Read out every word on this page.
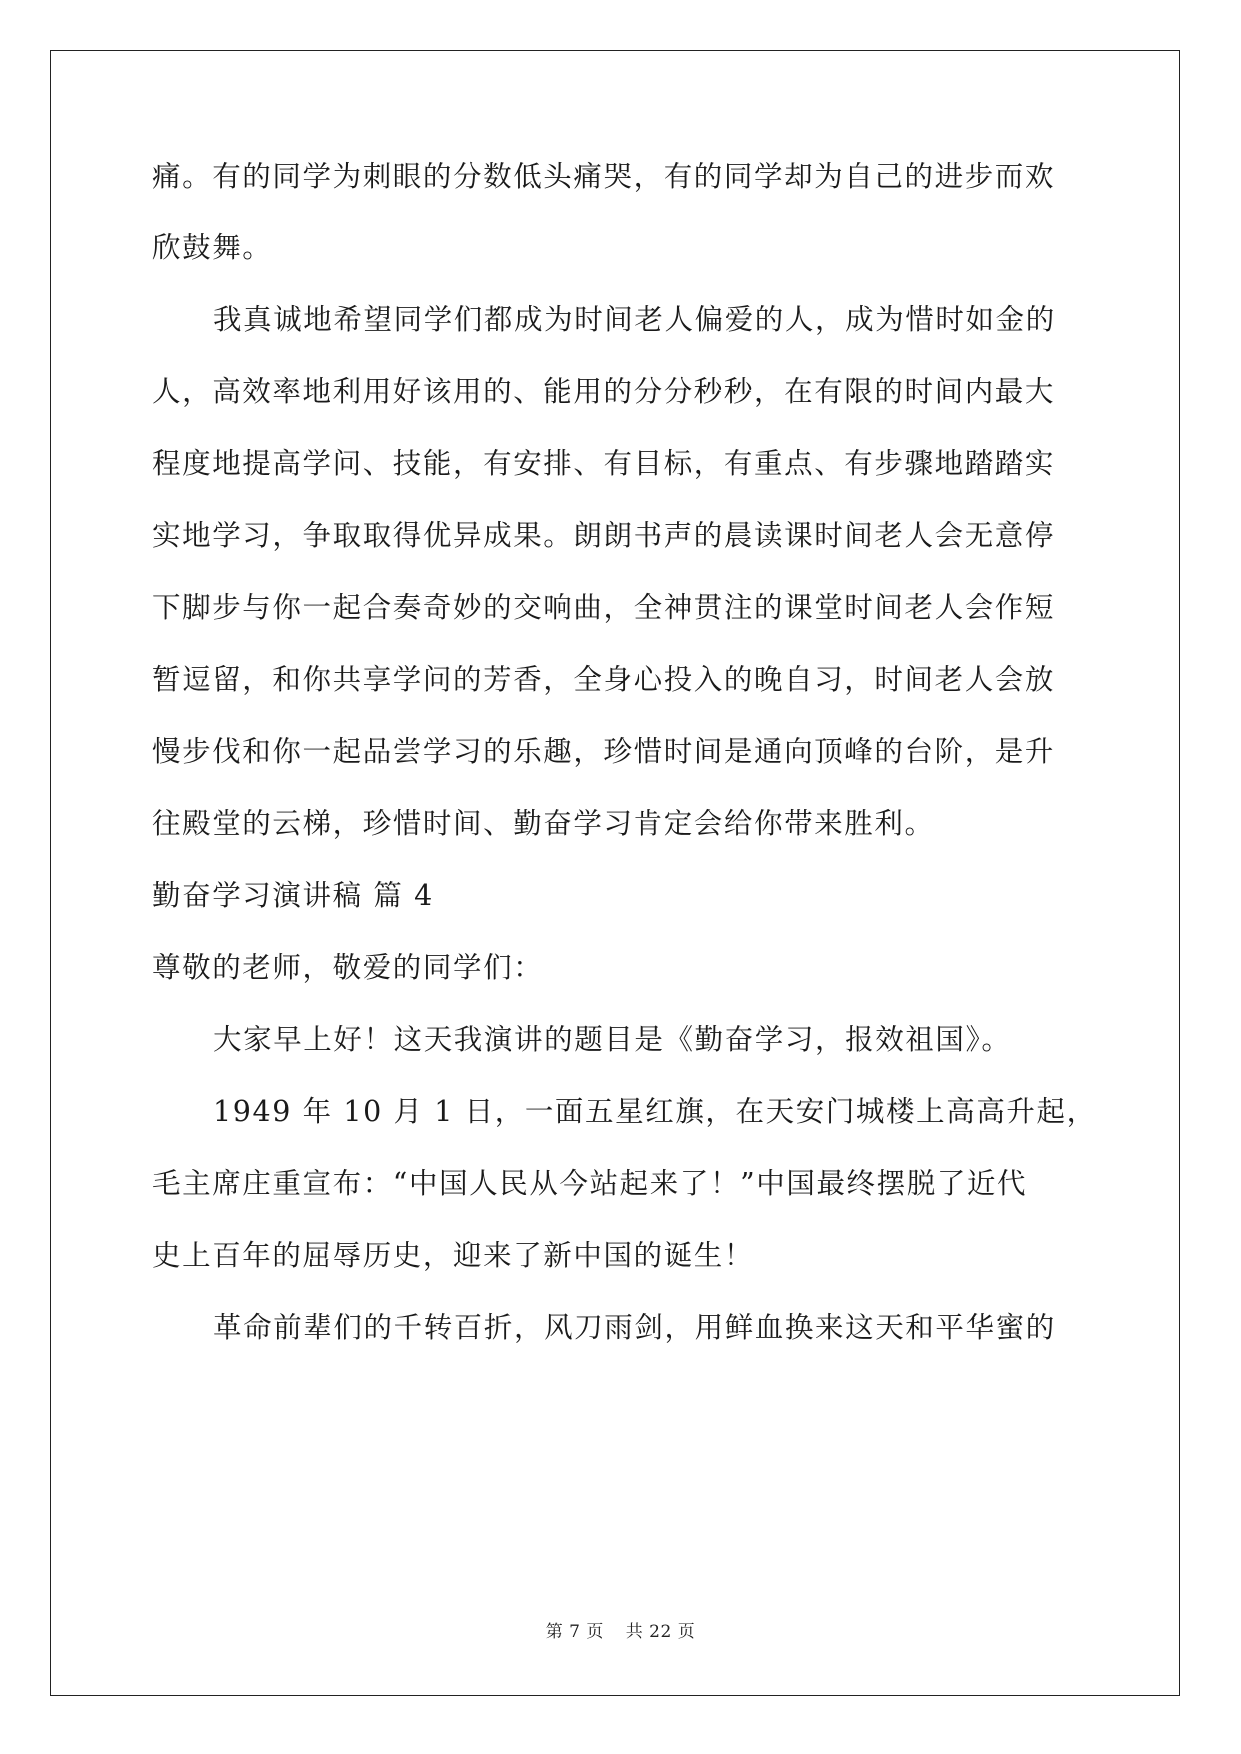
痛。有的同学为刺眼的分数低头痛哭，有的同学却为自己的进步而欢
欣鼓舞。
我真诚地希望同学们都成为时间老人偏爱的人，成为惜时如金的
人，高效率地利用好该用的、能用的分分秒秒，在有限的时间内最大
程度地提高学问、技能，有安排、有目标，有重点、有步骤地踏踏实
实地学习，争取取得优异成果。朗朗书声的晨读课时间老人会无意停
下脚步与你一起合奏奇妙的交响曲，全神贯注的课堂时间老人会作短
暂逗留，和你共享学问的芳香，全身心投入的晚自习，时间老人会放
慢步伐和你一起品尝学习的乐趣，珍惜时间是通向顶峰的台阶，是升
往殿堂的云梯，珍惜时间、勤奋学习肯定会给你带来胜利。
勤奋学习演讲稿 篇 4
尊敬的老师，敬爱的同学们：
大家早上好！这天我演讲的题目是《勤奋学习，报效祖国》。
1949 年 10 月 1 日，一面五星红旗，在天安门城楼上高高升起，
毛主席庄重宣布：“中国人民从今站起来了！”中国最终摆脱了近代
史上百年的屈辱历史，迎来了新中国的诞生！
革命前辈们的千转百折，风刀雨剑，用鲜血换来这天和平华蜜的
第 7 页 共 22 页
